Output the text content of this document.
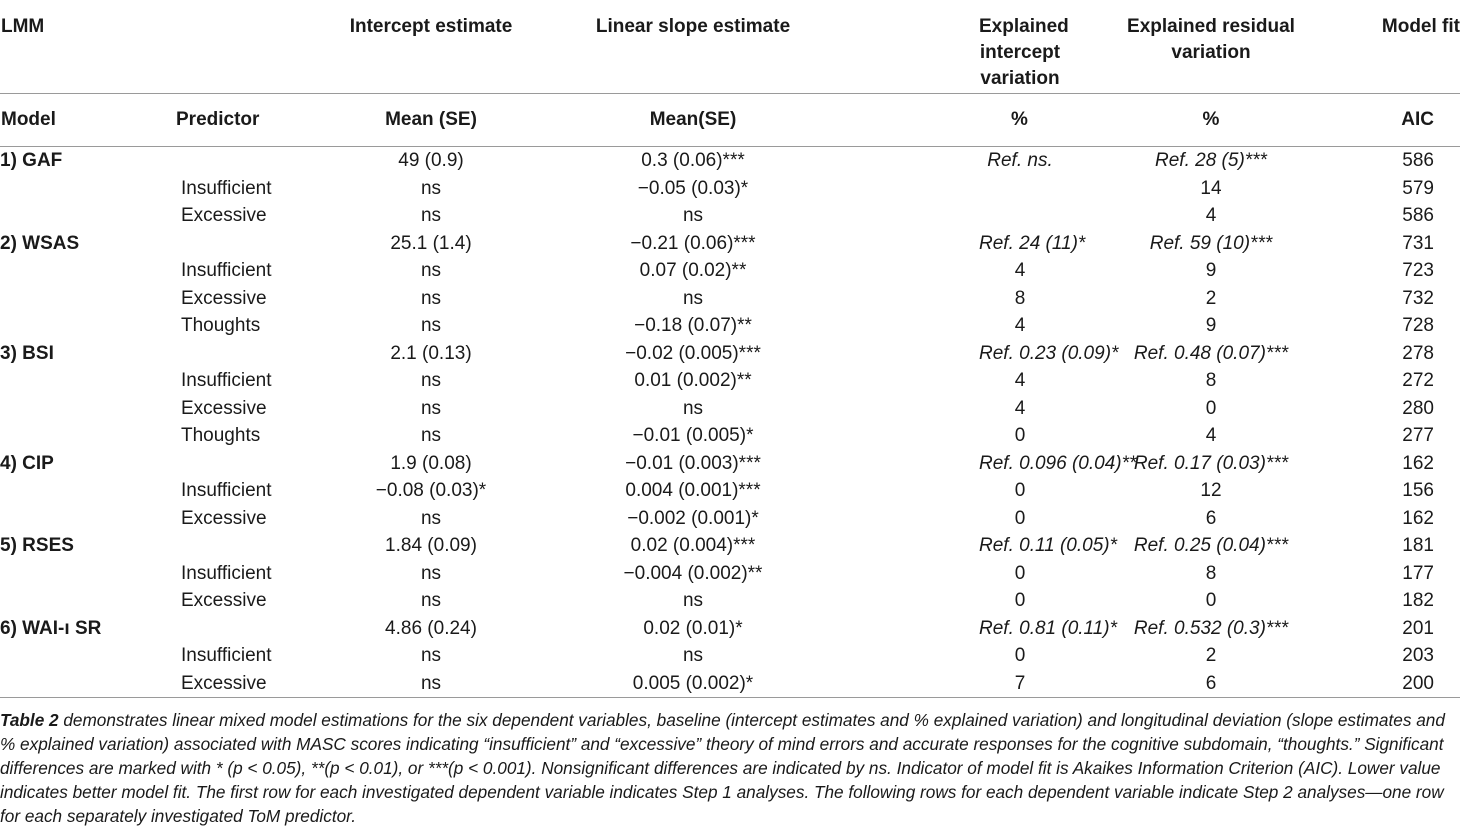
LMM		Intercept estimate	Linear slope estimate	Explained intercept variation	Explained residual variation	Model fit
Model	Predictor	Mean (SE)	Mean(SE)	%	%	AIC
1) GAF		49 (0.9)	0.3 (0.06)***	Ref. ns.	Ref. 28 (5)***	586
	Insufficient	ns	−0.05 (0.03)*		14	579
	Excessive	ns	ns		4	586
2) WSAS		25.1 (1.4)	−0.21 (0.06)***	Ref. 24 (11)*	Ref. 59 (10)***	731
	Insufficient	ns	0.07 (0.02)**	4	9	723
	Excessive	ns	ns	8	2	732
	Thoughts	ns	−0.18 (0.07)**	4	9	728
3) BSI		2.1 (0.13)	−0.02 (0.005)***	Ref. 0.23 (0.09)*	Ref. 0.48 (0.07)***	278
	Insufficient	ns	0.01 (0.002)**	4	8	272
	Excessive	ns	ns	4	0	280
	Thoughts	ns	−0.01 (0.005)*	0	4	277
4) CIP		1.9 (0.08)	−0.01 (0.003)***	Ref. 0.096 (0.04)**	Ref. 0.17 (0.03)***	162
	Insufficient	−0.08 (0.03)*	0.004 (0.001)***	0	12	156
	Excessive	ns	−0.002 (0.001)*	0	6	162
5) RSES		1.84 (0.09)	0.02 (0.004)***	Ref. 0.11 (0.05)*	Ref. 0.25 (0.04)***	181
	Insufficient	ns	−0.004 (0.002)**	0	8	177
	Excessive	ns	ns	0	0	182
6) WAI-ı SR		4.86 (0.24)	0.02 (0.01)*	Ref. 0.81 (0.11)*	Ref. 0.532 (0.3)***	201
	Insufficient	ns	ns	0	2	203
	Excessive	ns	0.005 (0.002)*	7	6	200
Table 2 demonstrates linear mixed model estimations for the six dependent variables, baseline (intercept estimates and % explained variation) and longitudinal deviation (slope estimates and % explained variation) associated with MASC scores indicating “insufficient” and “excessive” theory of mind errors and accurate responses for the cognitive subdomain, “thoughts.” Significant differences are marked with * (p < 0.05), **(p < 0.01), or ***(p < 0.001). Nonsignificant differences are indicated by ns. Indicator of model fit is Akaikes Information Criterion (AIC). Lower value indicates better model fit. The first row for each investigated dependent variable indicates Step 1 analyses. The following rows for each dependent variable indicate Step 2 analyses—one row for each separately investigated ToM predictor.
